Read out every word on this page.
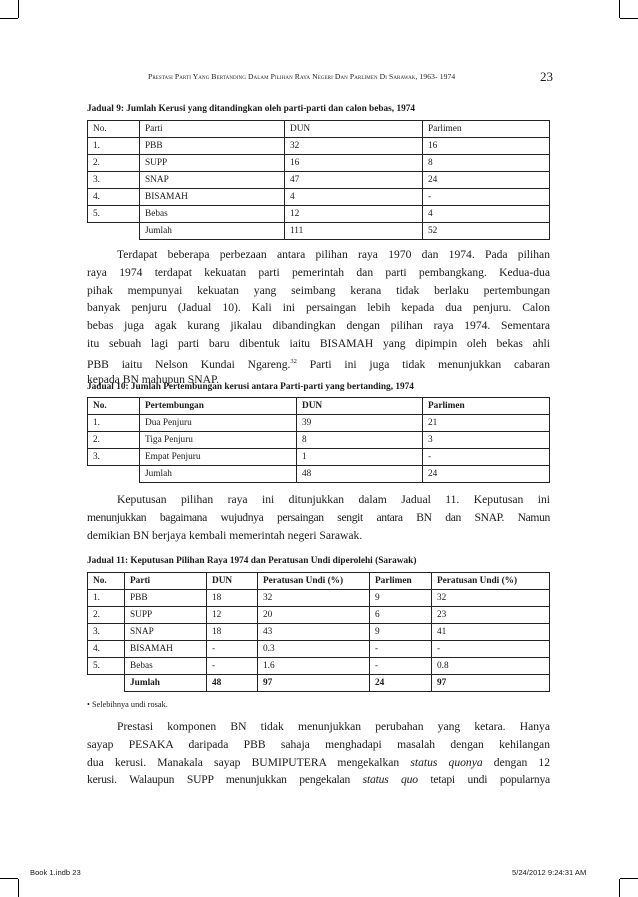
Prestasi Parti Yang Bertanding Dalam Pilihan Raya Negeri Dan Parlimen Di Sarawak, 1963- 1974	23
Jadual 9: Jumlah Kerusi yang ditandingkan oleh parti-parti dan calon bebas, 1974
No.	Parti	DUN	Parlimen
1.	PBB	32	16
2.	SUPP	16	8
3.	SNAP	47	24
4.	BISAMAH	4	-
5.	Bebas	12	4
	Jumlah	111	52
Terdapat beberapa perbezaan antara pilihan raya 1970 dan 1974. Pada pilihan
raya 1974 terdapat kekuatan parti pemerintah dan parti pembangkang. Kedua-dua
pihak mempunyai kekuatan yang seimbang kerana tidak berlaku pertembungan
banyak penjuru (Jadual 10). Kali ini persaingan lebih kepada dua penjuru. Calon
bebas juga agak kurang jikalau dibandingkan dengan pilihan raya 1974. Sementara
itu sebuah lagi parti baru dibentuk iaitu BISAMAH yang dipimpin oleh bekas ahli
PBB iaitu Nelson Kundai Ngareng.$^{32}$ Parti ini juga tidak menunjukkan cabaran
kepada BN mahupun SNAP.
Jadual 10: Jumlah Pertembungan kerusi antara Parti-parti yang bertanding, 1974
No.	Pertembungan	DUN	Parlimen
1.	Dua Penjuru	39	21
2.	Tiga Penjuru	8	3
3.	Empat Penjuru	1	-
	Jumlah	48	24
Keputusan pilihan raya ini ditunjukkan dalam Jadual 11. Keputusan ini
menunjukkan bagaimana wujudnya persaingan sengit antara BN dan SNAP. Namun
demikian BN berjaya kembali memerintah negeri Sarawak.
Jadual 11: Keputusan Pilihan Raya 1974 dan Peratusan Undi diperolehi (Sarawak)
No.	Parti	DUN	Peratusan Undi (%)	Parlimen	Peratusan Undi (%)
1.	PBB	18	32	9	32
2.	SUPP	12	20	6	23
3.	SNAP	18	43	9	41
4.	BISAMAH	-	0.3	-	-
5.	Bebas	-	1.6	-	0.8
	Jumlah	48	97	24	97
• Selebihnya undi rosak.
Prestasi komponen BN tidak menunjukkan perubahan yang ketara. Hanya
sayap PESAKA daripada PBB sahaja menghadapi masalah dengan kehilangan
dua kerusi. Manakala sayap BUMIPUTERA mengekalkan status quonya dengan 12
kerusi. Walaupun SUPP menunjukkan pengekalan status quo tetapi undi popularnya
Book 1.indb 23	5/24/2012 9:24:31 AM
